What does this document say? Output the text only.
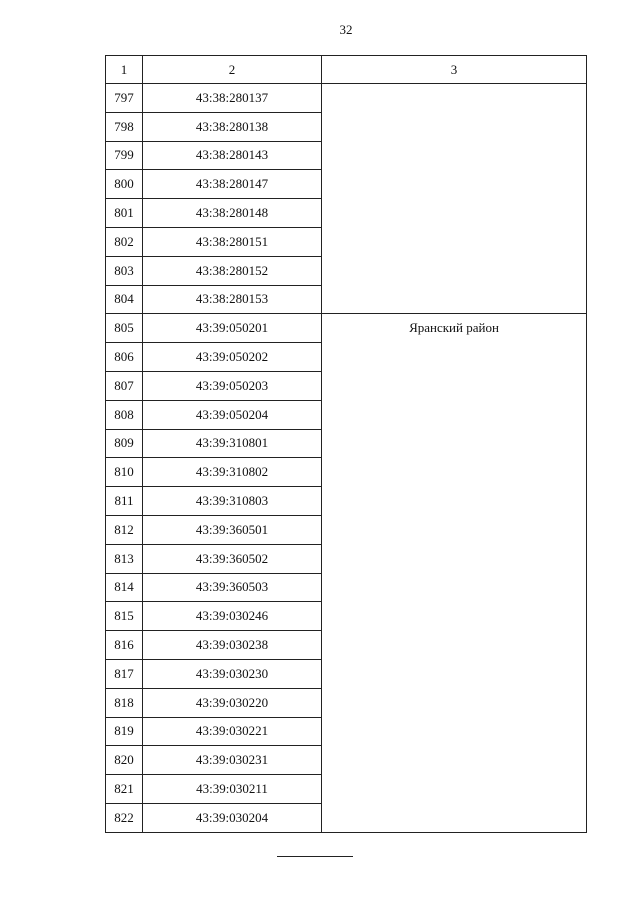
32
1	2	3
797	43:38:280137	

798	43:38:280138	
799	43:38:280143	
800	43:38:280147	
801	43:38:280148	
802	43:38:280151	
803	43:38:280152	
804	43:38:280153	
805	43:39:050201	Яранский район

806	43:39:050202	
807	43:39:050203	
808	43:39:050204	
809	43:39:310801	
810	43:39:310802	
811	43:39:310803	
812	43:39:360501	
813	43:39:360502	
814	43:39:360503	
815	43:39:030246	
816	43:39:030238	
817	43:39:030230	
818	43:39:030220	
819	43:39:030221	
820	43:39:030231	
821	43:39:030211	
822	43:39:030204	
